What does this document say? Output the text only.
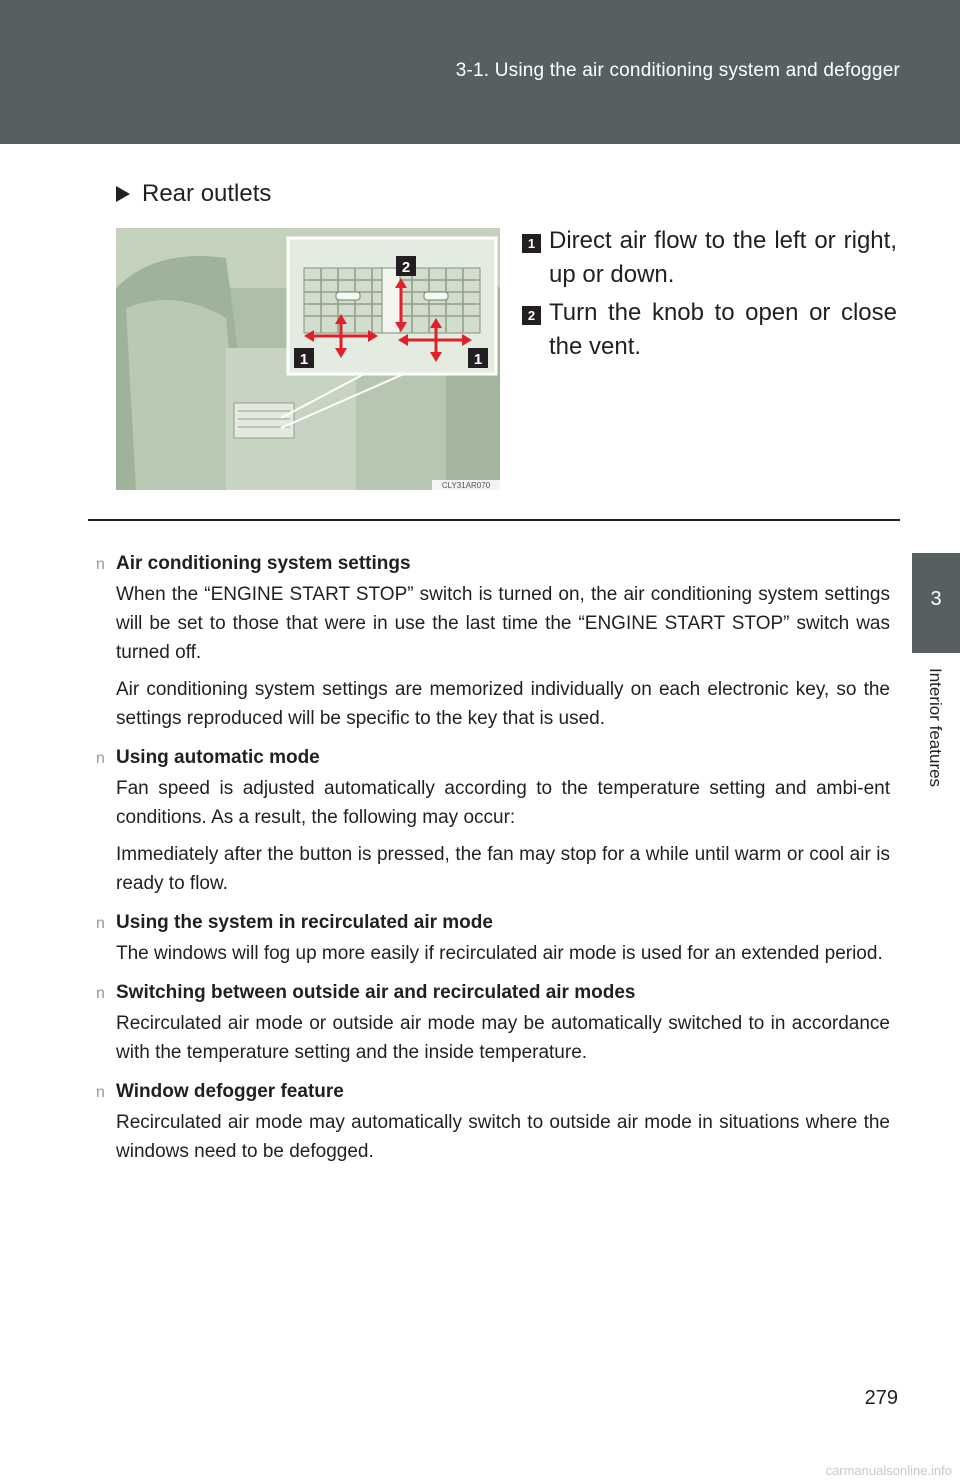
3-1. Using the air conditioning system and defogger
3
Interior features
Rear outlets
1	1
2
CLY31AR070
1 Direct air flow to the left or right, up or down.
2 Turn the knob to open or close the vent.
n Air conditioning system settings

When the “ENGINE START STOP” switch is turned on, the air conditioning system settings will be set to those that were in use the last time the “ENGINE START STOP” switch was turned off.

Air conditioning system settings are memorized individually on each electronic key, so the settings reproduced will be specific to the key that is used.

n Using automatic mode

Fan speed is adjusted automatically according to the temperature setting and ambi-ent conditions. As a result, the following may occur:

Immediately after the button is pressed, the fan may stop for a while until warm or cool air is ready to flow.

n Using the system in recirculated air mode

The windows will fog up more easily if recirculated air mode is used for an extended period.

n Switching between outside air and recirculated air modes

Recirculated air mode or outside air mode may be automatically switched to in accordance with the temperature setting and the inside temperature.

n Window defogger feature

Recirculated air mode may automatically switch to outside air mode in situations where the windows need to be defogged.

279
carmanualsonline.info
